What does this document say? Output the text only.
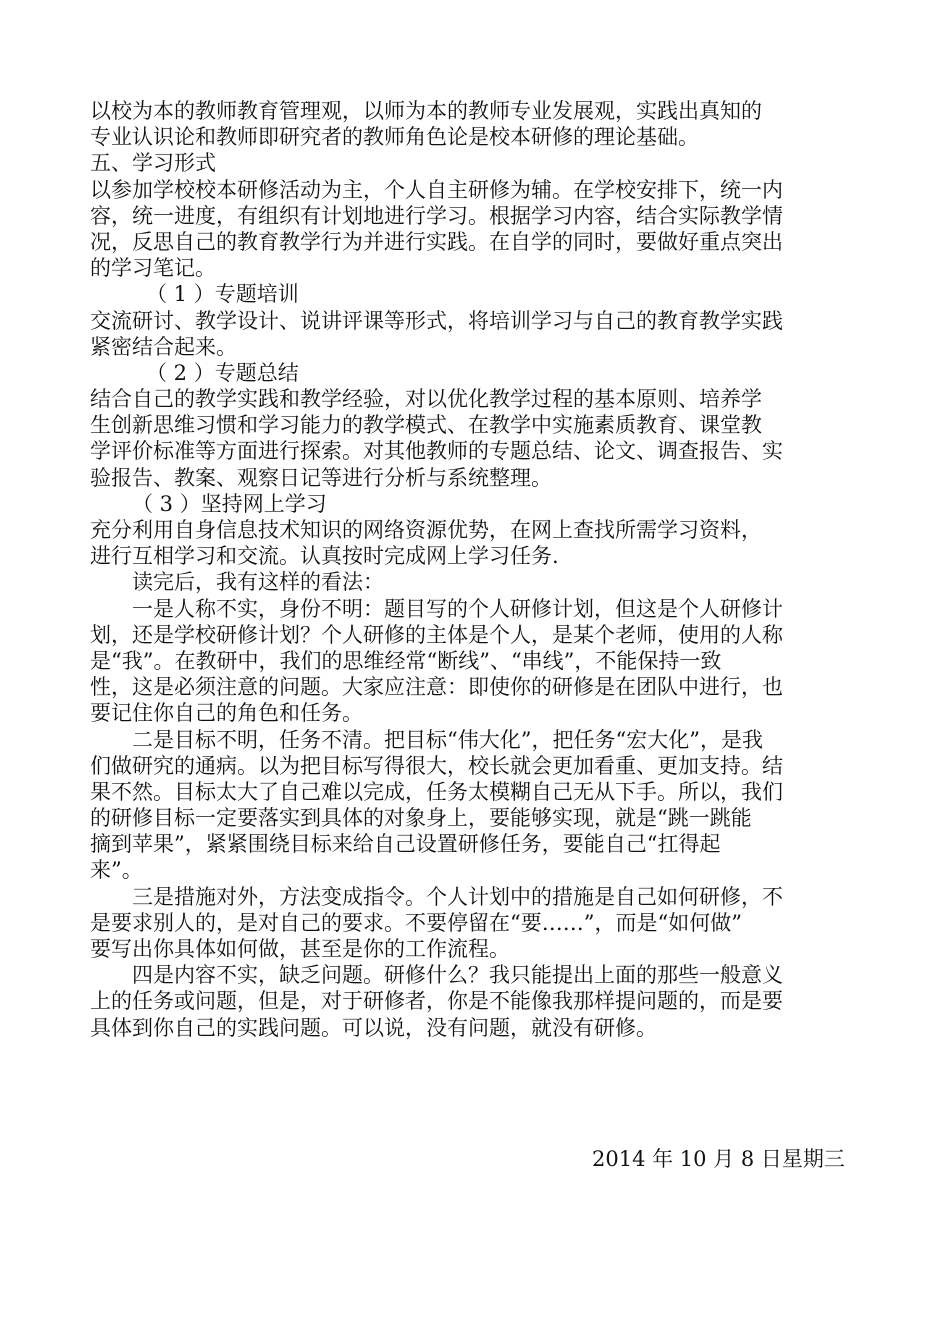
以校为本的教师教育管理观，以师为本的教师专业发展观，实践出真知的
专业认识论和教师即研究者的教师角色论是校本研修的理论基础。
五、学习形式
以参加学校校本研修活动为主，个人自主研修为辅。在学校安排下，统一内
容，统一进度，有组织有计划地进行学习。根据学习内容，结合实际教学情
况，反思自己的教育教学行为并进行实践。在自学的同时，要做好重点突出
的学习笔记。
（ 1 ）专题培训
交流研讨、教学设计、说讲评课等形式，将培训学习与自己的教育教学实践
紧密结合起来。
（ 2 ）专题总结
结合自己的教学实践和教学经验，对以优化教学过程的基本原则、培养学
生创新思维习惯和学习能力的教学模式、在教学中实施素质教育、课堂教
学评价标准等方面进行探索。对其他教师的专题总结、论文、调查报告、实
验报告、教案、观察日记等进行分析与系统整理。
（ 3 ）坚持网上学习
充分利用自身信息技术知识的网络资源优势，在网上查找所需学习资料，
进行互相学习和交流。认真按时完成网上学习任务.
读完后，我有这样的看法：
一是人称不实，身份不明：题目写的个人研修计划，但这是个人研修计
划，还是学校研修计划？个人研修的主体是个人，是某个老师，使用的人称
是“我”。在教研中，我们的思维经常“断线”、“串线”，不能保持一致
性，这是必须注意的问题。大家应注意：即使你的研修是在团队中进行，也
要记住你自己的角色和任务。
二是目标不明，任务不清。把目标“伟大化”，把任务“宏大化”，是我
们做研究的通病。以为把目标写得很大，校长就会更加看重、更加支持。结
果不然。目标太大了自己难以完成，任务太模糊自己无从下手。所以，我们
的研修目标一定要落实到具体的对象身上，要能够实现，就是“跳一跳能
摘到苹果”，紧紧围绕目标来给自己设置研修任务，要能自己“扛得起
来”。
三是措施对外，方法变成指令。个人计划中的措施是自己如何研修，不
是要求别人的，是对自己的要求。不要停留在“要……”，而是“如何做”
要写出你具体如何做，甚至是你的工作流程。
四是内容不实，缺乏问题。研修什么？我只能提出上面的那些一般意义
上的任务或问题，但是，对于研修者，你是不能像我那样提问题的，而是要
具体到你自己的实践问题。可以说，没有问题，就没有研修。
2014 年 10 月 8 日星期三
